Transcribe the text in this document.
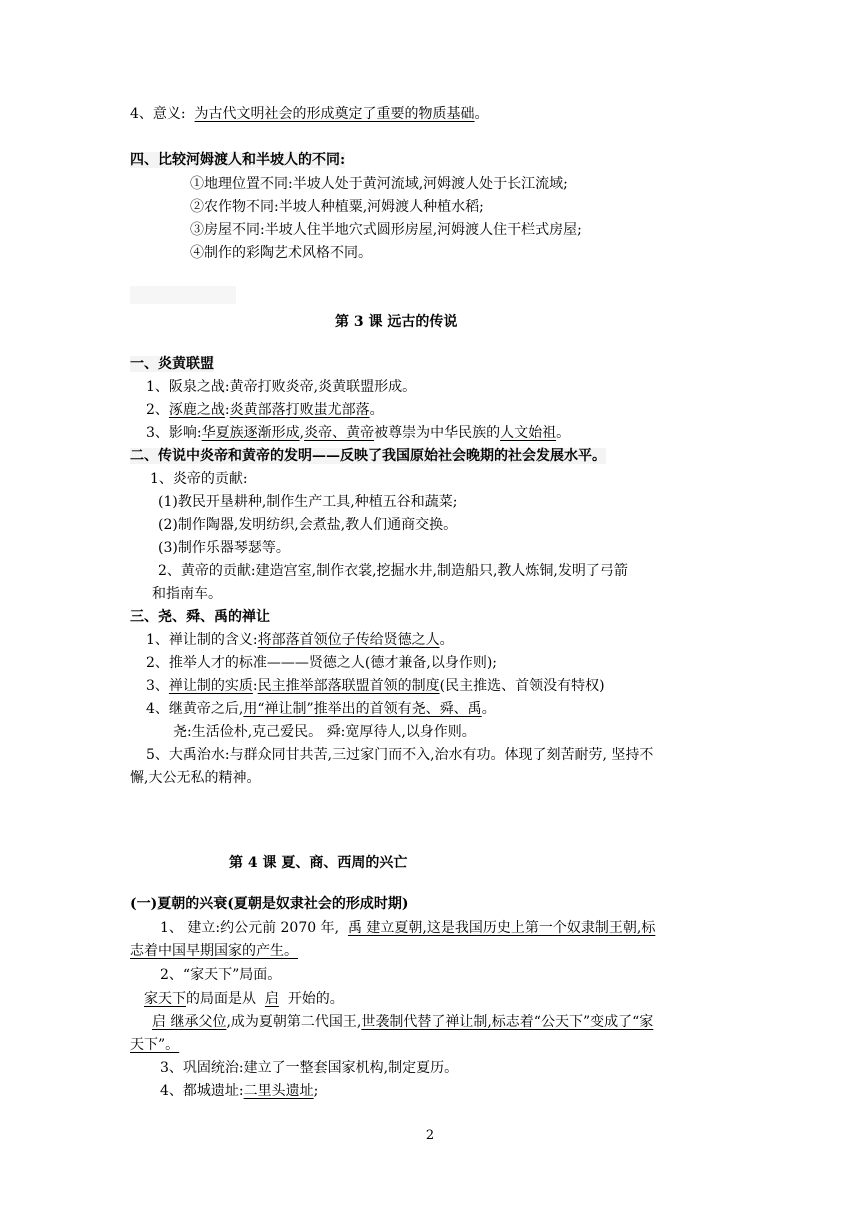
4、意义: 为古代文明社会的形成奠定了重要的物质基础。
四、比较河姆渡人和半坡人的不同:
①地理位置不同:半坡人处于黄河流域,河姆渡人处于长江流域;
②农作物不同:半坡人种植粟,河姆渡人种植水稻;
③房屋不同:半坡人住半地穴式圆形房屋,河姆渡人住干栏式房屋;
④制作的彩陶艺术风格不同。
第 3 课 远古的传说
一、炎黄联盟
1、阪泉之战:黄帝打败炎帝,炎黄联盟形成。
2、涿鹿之战:炎黄部落打败蚩尤部落。
3、影响:华夏族逐渐形成,炎帝、黄帝被尊崇为中华民族的人文始祖。
二、传说中炎帝和黄帝的发明——反映了我国原始社会晚期的社会发展水平。
1、炎帝的贡献:
(1)教民开垦耕种,制作生产工具,种植五谷和蔬菜;
(2)制作陶器,发明纺织,会煮盐,教人们通商交换。
(3)制作乐器琴瑟等。
2、黄帝的贡献:建造宫室,制作衣裳,挖掘水井,制造船只,教人炼铜,发明了弓箭
和指南车。
三、尧、舜、禹的禅让
1、禅让制的含义:将部落首领位子传给贤德之人。
2、推举人才的标准———贤德之人(德才兼备,以身作则);
3、禅让制的实质:民主推举部落联盟首领的制度(民主推选、首领没有特权)
4、继黄帝之后,用“禅让制”推举出的首领有尧、舜、禹。
尧:生活俭朴,克己爱民。 舜:宽厚待人,以身作则。
5、大禹治水:与群众同甘共苦,三过家门而不入,治水有功。体现了刻苦耐劳, 坚持不
懈,大公无私的精神。
第 4 课 夏、商、西周的兴亡
(一)夏朝的兴衰(夏朝是奴隶社会的形成时期)
1、 建立:约公元前 2070 年, 禹 建立夏朝,这是我国历史上第一个奴隶制王朝,标
志着中国早期国家的产生。
2、“家天下”局面。
家天下的局面是从 启 开始的。
启 继承父位,成为夏朝第二代国王,世袭制代替了禅让制,标志着“公天下”变成了“家
天下”。
3、巩固统治:建立了一整套国家机构,制定夏历。
4、都城遗址:二里头遗址;
2
